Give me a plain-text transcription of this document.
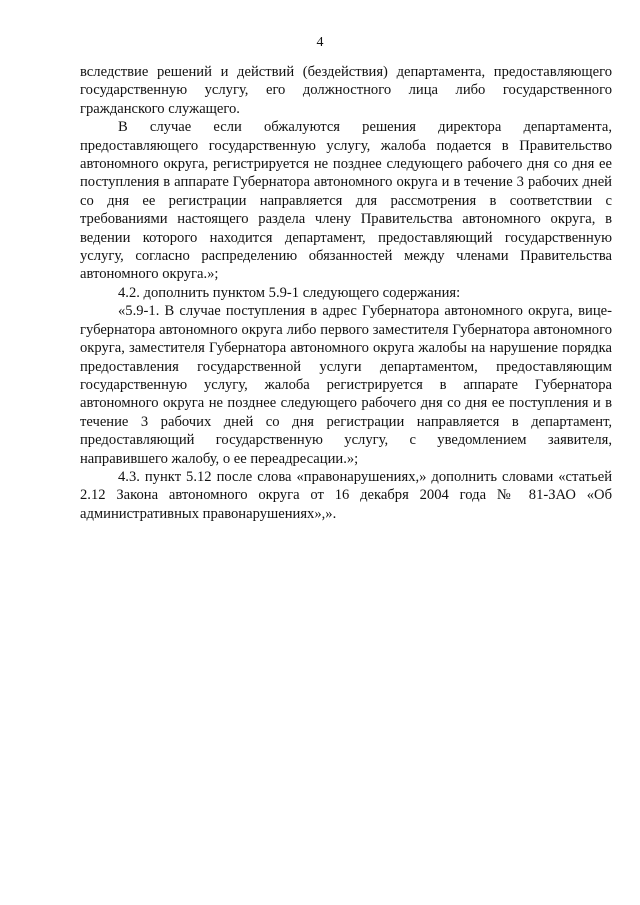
4

вследствие решений и действий (бездействия) департамента, предоставляющего государственную услугу, его должностного лица либо государственного гражданского служащего.

В случае если обжалуются решения директора департамента, предоставляющего государственную услугу, жалоба подается в Правительство автономного округа, регистрируется не позднее следующего рабочего дня со дня ее поступления в аппарате Губернатора автономного округа и в течение 3 рабочих дней со дня ее регистрации направляется для рассмотрения в соответствии с требованиями настоящего раздела члену Правительства автономного округа, в ведении которого находится департамент, предоставляющий государственную услугу, согласно распределению обязанностей между членами Правительства автономного округа.»;

4.2. дополнить пунктом 5.9-1 следующего содержания:

«5.9-1. В случае поступления в адрес Губернатора автономного округа, вице-губернатора автономного округа либо первого заместителя Губернатора автономного округа, заместителя Губернатора автономного округа жалобы на нарушение порядка предоставления государственной услуги департаментом, предоставляющим государственную услугу, жалоба регистрируется в аппарате Губернатора автономного округа не позднее следующего рабочего дня со дня ее поступления и в течение 3 рабочих дней со дня регистрации направляется в департамент, предоставляющий государственную услугу, с уведомлением заявителя, направившего жалобу, о ее переадресации.»;

4.3. пункт 5.12 после слова «правонарушениях,» дополнить словами «статьей 2.12 Закона автономного округа от 16 декабря 2004 года № 81-ЗАО «Об административных правонарушениях»,».
